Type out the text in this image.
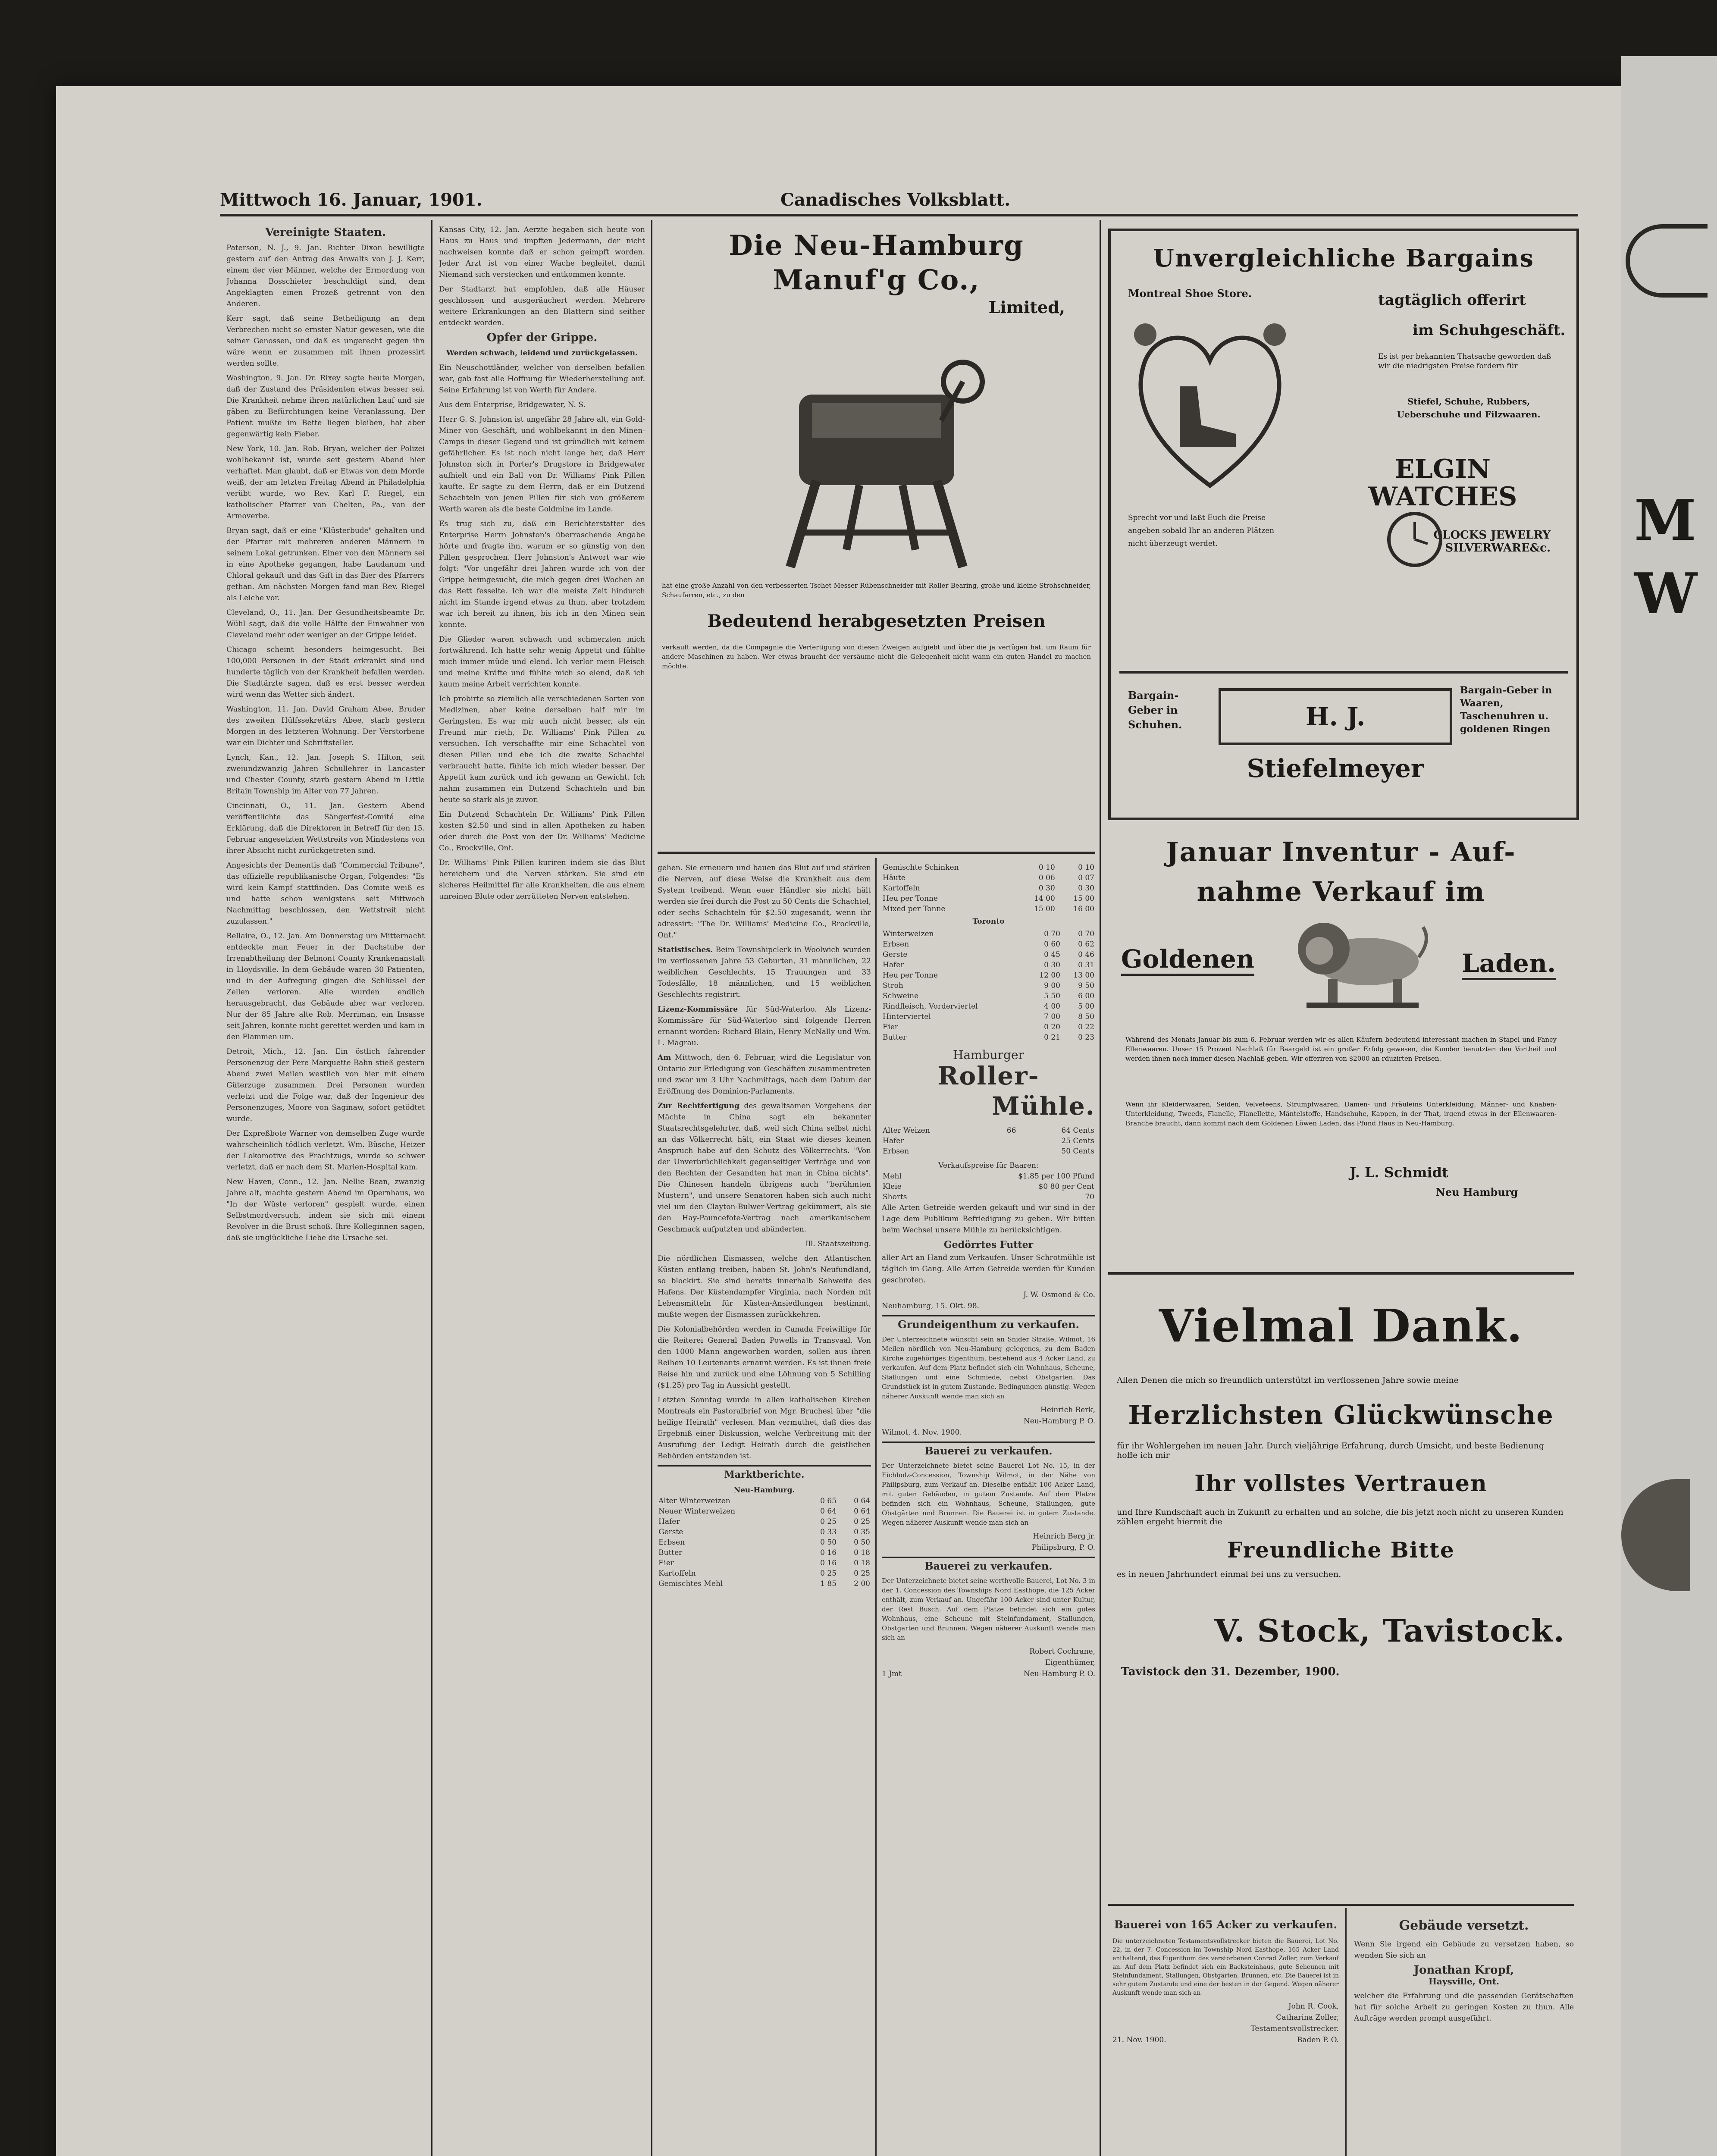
Mittwoch 16. Januar, 1901.	Canadisches Volksblatt.
Vereinigte Staaten.

Paterson, N. J., 9. Jan. Richter Dixon bewilligte gestern auf den Antrag des Anwalts von J. J. Kerr, einem der vier Männer, welche der Ermordung von Johanna Bosschieter beschuldigt sind, dem Angeklagten einen Prozeß getrennt von den Anderen.

Kerr sagt, daß seine Betheiligung an dem Verbrechen nicht so ernster Natur gewesen, wie die seiner Genossen, und daß es ungerecht gegen ihn wäre wenn er zusammen mit ihnen prozessirt werden sollte.

Washington, 9. Jan. Dr. Rixey sagte heute Morgen, daß der Zustand des Präsidenten etwas besser sei. Die Krankheit nehme ihren natürlichen Lauf und sie gäben zu Befürchtungen keine Veranlassung. Der Patient mußte im Bette liegen bleiben, hat aber gegenwärtig kein Fieber.

New York, 10. Jan. Rob. Bryan, welcher der Polizei wohlbekannt ist, wurde seit gestern Abend hier verhaftet. Man glaubt, daß er Etwas von dem Morde weiß, der am letzten Freitag Abend in Philadelphia verübt wurde, wo Rev. Karl F. Riegel, ein katholischer Pfarrer von Chelten, Pa., von der Armoverbe.

Bryan sagt, daß er eine "Klüsterbude" gehalten und der Pfarrer mit mehreren anderen Männern in seinem Lokal getrunken. Einer von den Männern sei in eine Apotheke gegangen, habe Laudanum und Chloral gekauft und das Gift in das Bier des Pfarrers gethan. Am nächsten Morgen fand man Rev. Riegel als Leiche vor.

Cleveland, O., 11. Jan. Der Gesundheitsbeamte Dr. Wühl sagt, daß die volle Hälfte der Einwohner von Cleveland mehr oder weniger an der Grippe leidet.

Chicago scheint besonders heimgesucht. Bei 100,000 Personen in der Stadt erkrankt sind und hunderte täglich von der Krankheit befallen werden. Die Stadtärzte sagen, daß es erst besser werden wird wenn das Wetter sich ändert.

Washington, 11. Jan. David Graham Abee, Bruder des zweiten Hülfssekretärs Abee, starb gestern Morgen in des letzteren Wohnung. Der Verstorbene war ein Dichter und Schriftsteller.

Lynch, Kan., 12. Jan. Joseph S. Hilton, seit zweiundzwanzig Jahren Schullehrer in Lancaster und Chester County, starb gestern Abend in Little Britain Township im Alter von 77 Jahren.

Cincinnati, O., 11. Jan. Gestern Abend veröffentlichte das Sängerfest-Comité eine Erklärung, daß die Direktoren in Betreff für den 15. Februar angesetzten Wettstreits von Mindestens von ihrer Absicht nicht zurückgetreten sind.

Angesichts der Dementis daß "Commercial Tribune", das offizielle republikanische Organ, Folgendes: "Es wird kein Kampf stattfinden. Das Comite weiß es und hatte schon wenigstens seit Mittwoch Nachmittag beschlossen, den Wettstreit nicht zuzulassen."

Bellaire, O., 12. Jan. Am Donnerstag um Mitternacht entdeckte man Feuer in der Dachstube der Irrenabtheilung der Belmont County Krankenanstalt in Lloydsville. In dem Gebäude waren 30 Patienten, und in der Aufregung gingen die Schlüssel der Zellen verloren. Alle wurden endlich herausgebracht, das Gebäude aber war verloren. Nur der 85 Jahre alte Rob. Merriman, ein Insasse seit Jahren, konnte nicht gerettet werden und kam in den Flammen um.

Detroit, Mich., 12. Jan. Ein östlich fahrender Personenzug der Pere Marquette Bahn stieß gestern Abend zwei Meilen westlich von hier mit einem Güterzuge zusammen. Drei Personen wurden verletzt und die Folge war, daß der Ingenieur des Personenzuges, Moore von Saginaw, sofort getödtet wurde.

Der Expreßbote Warner von demselben Zuge wurde wahrscheinlich tödlich verletzt. Wm. Büsche, Heizer der Lokomotive des Frachtzugs, wurde so schwer verletzt, daß er nach dem St. Marien-Hospital kam.

New Haven, Conn., 12. Jan. Nellie Bean, zwanzig Jahre alt, machte gestern Abend im Opernhaus, wo "In der Wüste verloren" gespielt wurde, einen Selbstmordversuch, indem sie sich mit einem Revolver in die Brust schoß. Ihre Kolleginnen sagen, daß sie unglückliche Liebe die Ursache sei.

Kansas City, 12. Jan. Aerzte begaben sich heute von Haus zu Haus und impften Jedermann, der nicht nachweisen konnte daß er schon geimpft worden. Jeder Arzt ist von einer Wache begleitet, damit Niemand sich verstecken und entkommen konnte.

Der Stadtarzt hat empfohlen, daß alle Häuser geschlossen und ausgeräuchert werden. Mehrere weitere Erkrankungen an den Blattern sind seither entdeckt worden.

Opfer der Grippe.

Werden schwach, leidend und zurückgelassen.

Ein Neuschottländer, welcher von derselben befallen war, gab fast alle Hoffnung für Wiederherstellung auf. Seine Erfahrung ist von Werth für Andere.

Aus dem Enterprise, Bridgewater, N. S.

Herr G. S. Johnston ist ungefähr 28 Jahre alt, ein Gold-Miner von Geschäft, und wohlbekannt in den Minen-Camps in dieser Gegend und ist gründlich mit keinem gefährlicher. Es ist noch nicht lange her, daß Herr Johnston sich in Porter's Drugstore in Bridgewater aufhielt und ein Ball von Dr. Williams' Pink Pillen kaufte. Er sagte zu dem Herrn, daß er ein Dutzend Schachteln von jenen Pillen für sich von größerem Werth waren als die beste Goldmine im Lande.

Es trug sich zu, daß ein Berichterstatter des Enterprise Herrn Johnston's überraschende Angabe hörte und fragte ihn, warum er so günstig von den Pillen gesprochen. Herr Johnston's Antwort war wie folgt: "Vor ungefähr drei Jahren wurde ich von der Grippe heimgesucht, die mich gegen drei Wochen an das Bett fesselte. Ich war die meiste Zeit hindurch nicht im Stande irgend etwas zu thun, aber trotzdem war ich bereit zu ihnen, bis ich in den Minen sein konnte.

Die Glieder waren schwach und schmerzten mich fortwährend. Ich hatte sehr wenig Appetit und fühlte mich immer müde und elend. Ich verlor mein Fleisch und meine Kräfte und fühlte mich so elend, daß ich kaum meine Arbeit verrichten konnte.

Ich probirte so ziemlich alle verschiedenen Sorten von Medizinen, aber keine derselben half mir im Geringsten. Es war mir auch nicht besser, als ein Freund mir rieth, Dr. Williams' Pink Pillen zu versuchen. Ich verschaffte mir eine Schachtel von diesen Pillen und ehe ich die zweite Schachtel verbraucht hatte, fühlte ich mich wieder besser. Der Appetit kam zurück und ich gewann an Gewicht. Ich nahm zusammen ein Dutzend Schachteln und bin heute so stark als je zuvor.

Ein Dutzend Schachteln Dr. Williams' Pink Pillen kosten $2.50 und sind in allen Apotheken zu haben oder durch die Post von der Dr. Williams' Medicine Co., Brockville, Ont.

Dr. Williams' Pink Pillen kuriren indem sie das Blut bereichern und die Nerven stärken. Sie sind ein sicheres Heilmittel für alle Krankheiten, die aus einem unreinen Blute oder zerrütteten Nerven entstehen.

Die Neu-Hamburg Manuf'g Co.,
Limited,
hat eine große Anzahl von den verbesserten Tschet Messer Rübenschneider mit Roller Bearing, große und kleine Strohschneider, Schaufarren, etc., zu den
Bedeutend herabgesetzten Preisen
verkauft werden, da die Compagnie die Verfertigung von diesen Zweigen aufgiebt und über die ja verfügen hat, um Raum für andere Maschinen zu haben. Wer etwas braucht der versäume nicht die Gelegenheit nicht wann ein guten Handel zu machen möchte.

gehen. Sie erneuern und bauen das Blut auf und stärken die Nerven, auf diese Weise die Krankheit aus dem System treibend. Wenn euer Händler sie nicht hält werden sie frei durch die Post zu 50 Cents die Schachtel, oder sechs Schachteln für $2.50 zugesandt, wenn ihr adressirt: "The Dr. Williams' Medicine Co., Brockville, Ont."

Statistisches. Beim Townshipclerk in Woolwich wurden im verflossenen Jahre 53 Geburten, 31 männlichen, 22 weiblichen Geschlechts, 15 Trauungen und 33 Todesfälle, 18 männlichen, und 15 weiblichen Geschlechts registrirt.

Lizenz-Kommissäre für Süd-Waterloo. Als Lizenz-Kommissäre für Süd-Waterloo sind folgende Herren ernannt worden: Richard Blain, Henry McNally und Wm. L. Magrau.

Am Mittwoch, den 6. Februar, wird die Legislatur von Ontario zur Erledigung von Geschäften zusammentreten und zwar um 3 Uhr Nachmittags, nach dem Datum der Eröffnung des Dominion-Parlaments.

Zur Rechtfertigung des gewaltsamen Vorgehens der Mächte in China sagt ein bekannter Staatsrechtsgelehrter, daß, weil sich China selbst nicht an das Völkerrecht hält, ein Staat wie dieses keinen Anspruch habe auf den Schutz des Völkerrechts. "Von der Unverbrüchlichkeit gegenseitiger Verträge und von den Rechten der Gesandten hat man in China nichts". Die Chinesen handeln übrigens auch "berühmten Mustern", und unsere Senatoren haben sich auch nicht viel um den Clayton-Bulwer-Vertrag gekümmert, als sie den Hay-Pauncefote-Vertrag nach amerikanischem Geschmack aufputzten und abänderten.

Ill. Staatszeitung.

Die nördlichen Eismassen, welche den Atlantischen Küsten entlang treiben, haben St. John's Neufundland, so blockirt. Sie sind bereits innerhalb Sehweite des Hafens. Der Küstendampfer Virginia, nach Norden mit Lebensmitteln für Küsten-Ansiedlungen bestimmt, mußte wegen der Eismassen zurückkehren.

Die Kolonialbehörden werden in Canada Freiwillige für die Reiterei General Baden Powells in Transvaal. Von den 1000 Mann angeworben worden, sollen aus ihren Reihen 10 Leutenants ernannt werden. Es ist ihnen freie Reise hin und zurück und eine Löhnung von 5 Schilling ($1.25) pro Tag in Aussicht gestellt.

Letzten Sonntag wurde in allen katholischen Kirchen Montreals ein Pastoralbrief von Mgr. Bruchesi über "die heilige Heirath" verlesen. Man vermuthet, daß dies das Ergebniß einer Diskussion, welche Verbreitung mit der Ausrufung der Ledigt Heirath durch die geistlichen Behörden entstanden ist.

Marktberichte.
Neu-Hamburg.
Alter Winterweizen	0 65	0 64
Neuer Winterweizen	0 64	0 64
Hafer	0 25	0 25
Gerste	0 33	0 35
Erbsen	0 50	0 50
Butter	0 16	0 18
Eier	0 16	0 18
Kartoffeln	0 25	0 25
Gemischtes Mehl	1 85	2 00
Gemischte Schinken	0 10	0 10
Häute	0 06	0 07
Kartoffeln	0 30	0 30
Heu per Tonne	14 00	15 00
Mixed per Tonne	15 00	16 00
Toronto
Winterweizen	0 70	0 70
Erbsen	0 60	0 62
Gerste	0 45	0 46
Hafer	0 30	0 31
Heu per Tonne	12 00	13 00
Stroh	9 00	9 50
Schweine	5 50	6 00
Rindfleisch, Vorderviertel	4 00	5 00
Hinterviertel	7 00	8 50
Eier	0 20	0 22
Butter	0 21	0 23
Hamburger
Roller-
Mühle.
Alter Weizen	66	64 Cents
Hafer		25 Cents
Erbsen		50 Cents
Verkaufspreise für Baaren:
Mehl	$1.85 per 100 Pfund
Kleie	$0 80 per Cent
Shorts	70

Alle Arten Getreide werden gekauft und wir sind in der Lage dem Publikum Befriedigung zu geben. Wir bitten beim Wechsel unsere Mühle zu berücksichtigen.

Gedörrtes Futter

aller Art an Hand zum Verkaufen. Unser Schrotmühle ist täglich im Gang. Alle Arten Getreide werden für Kunden geschroten.

J. W. Osmond & Co.

Neuhamburg, 15. Okt. 98.

Grundeigenthum zu verkaufen.

Der Unterzeichnete wünscht sein an Snider Straße, Wilmot, 16 Meilen nördlich von Neu-Hamburg gelegenes, zu dem Baden Kirche zugehöriges Eigenthum, bestehend aus 4 Acker Land, zu verkaufen. Auf dem Platz befindet sich ein Wohnhaus, Scheune, Stallungen und eine Schmiede, nebst Obstgarten. Das Grundstück ist in gutem Zustande. Bedingungen günstig. Wegen näherer Auskunft wende man sich an

Heinrich Berk,

Neu-Hamburg P. O.

Wilmot, 4. Nov. 1900.

Bauerei zu verkaufen.

Der Unterzeichnete bietet seine Bauerei Lot No. 15, in der Eichholz-Concession, Township Wilmot, in der Nähe von Philipsburg, zum Verkauf an. Dieselbe enthält 100 Acker Land, mit guten Gebäuden, in gutem Zustande. Auf dem Platze befinden sich ein Wohnhaus, Scheune, Stallungen, gute Obstgärten und Brunnen. Die Bauerei ist in gutem Zustande. Wegen näherer Auskunft wende man sich an

Heinrich Berg jr.

Philipsburg, P. O.

Bauerei zu verkaufen.

Der Unterzeichnete bietet seine werthvolle Bauerei, Lot No. 3 in der 1. Concession des Townships Nord Easthope, die 125 Acker enthält, zum Verkauf an. Ungefähr 100 Acker sind unter Kultur, der Rest Busch. Auf dem Platze befindet sich ein gutes Wohnhaus, eine Scheune mit Steinfundament, Stallungen, Obstgarten und Brunnen. Wegen näherer Auskunft wende man sich an

Robert Cochrane,

Eigenthümer,

1 Jmt	Neu-Hamburg P. O.

Unvergleichliche Bargains
Montreal Shoe Store.	tagtäglich offerirt
im Schuhgeschäft.
Es ist per bekannten Thatsache geworden daß wir die niedrigsten Preise fordern für
Stiefel, Schuhe, Rubbers, Ueberschuhe und Filzwaaren.
Sprecht vor und laßt Euch die Preise angeben sobald Ihr an anderen Plätzen nicht überzeugt werdet.
ELGIN WATCHES
CLOCKS JEWELRY SILVERWARE&c.
Bargain-Geber in Schuhen.	H. J. Stiefelmeyer
Bargain-Geber in Waaren, Taschenuhren u. goldenen Ringen
Januar Inventur - Auf-
nahme Verkauf im
Goldenen	Laden.
Während des Monats Januar bis zum 6. Februar werden wir es allen Käufern bedeutend interessant machen in Stapel und Fancy Ellenwaaren. Unser 15 Prozent Nachlaß für Baargeld ist ein großer Erfolg gewesen, die Kunden benutzten den Vortheil und werden ihnen noch immer diesen Nachlaß geben. Wir offeriren von $2000 an rduzirten Preisen.
Wenn ihr Kleiderwaaren, Seiden, Velveteens, Strumpfwaaren, Damen- und Fräuleins Unterkleidung, Männer- und Knaben-Unterkleidung, Tweeds, Flanelle, Flanellette, Mäntelstoffe, Handschuhe, Kappen, in der That, irgend etwas in der Ellenwaaren-Branche braucht, dann kommt nach dem Goldenen Löwen Laden, das Pfund Haus in Neu-Hamburg.
J. L. Schmidt
Neu Hamburg
Vielmal Dank.
Allen Denen die mich so freundlich unterstützt im verflossenen Jahre sowie meine
Herzlichsten Glückwünsche
für ihr Wohlergehen im neuen Jahr. Durch vieljährige Erfahrung, durch Umsicht, und beste Bedienung hoffe ich mir
Ihr vollstes Vertrauen
und Ihre Kundschaft auch in Zukunft zu erhalten und an solche, die bis jetzt noch nicht zu unseren Kunden zählen ergeht hiermit die
Freundliche Bitte
es in neuen Jahrhundert einmal bei uns zu versuchen.
V. Stock, Tavistock.
Tavistock den 31. Dezember, 1900.
Bauerei von 165 Acker zu verkaufen.

Die unterzeichneten Testamentsvollstrecker bieten die Bauerei, Lot No. 22, in der 7. Concession im Township Nord Easthope, 165 Acker Land enthaltend, das Eigenthum des verstorbenen Conrad Zoller, zum Verkauf an. Auf dem Platz befindet sich ein Backsteinhaus, gute Scheunen mit Steinfundament, Stallungen, Obstgärten, Brunnen, etc. Die Bauerei ist in sehr gutem Zustande und eine der besten in der Gegend. Wegen näherer Auskunft wende man sich an

John R. Cook,

Catharina Zoller,

Testamentsvollstrecker.

21. Nov. 1900.	Baden P. O.

Gebäude versetzt.

Wenn Sie irgend ein Gebäude zu versetzen haben, so wenden Sie sich an

Jonathan Kropf,
Haysville, Ont.

welcher die Erfahrung und die passenden Gerätschaften hat für solche Arbeit zu geringen Kosten zu thun. Alle Aufträge werden prompt ausgeführt.

M
W
